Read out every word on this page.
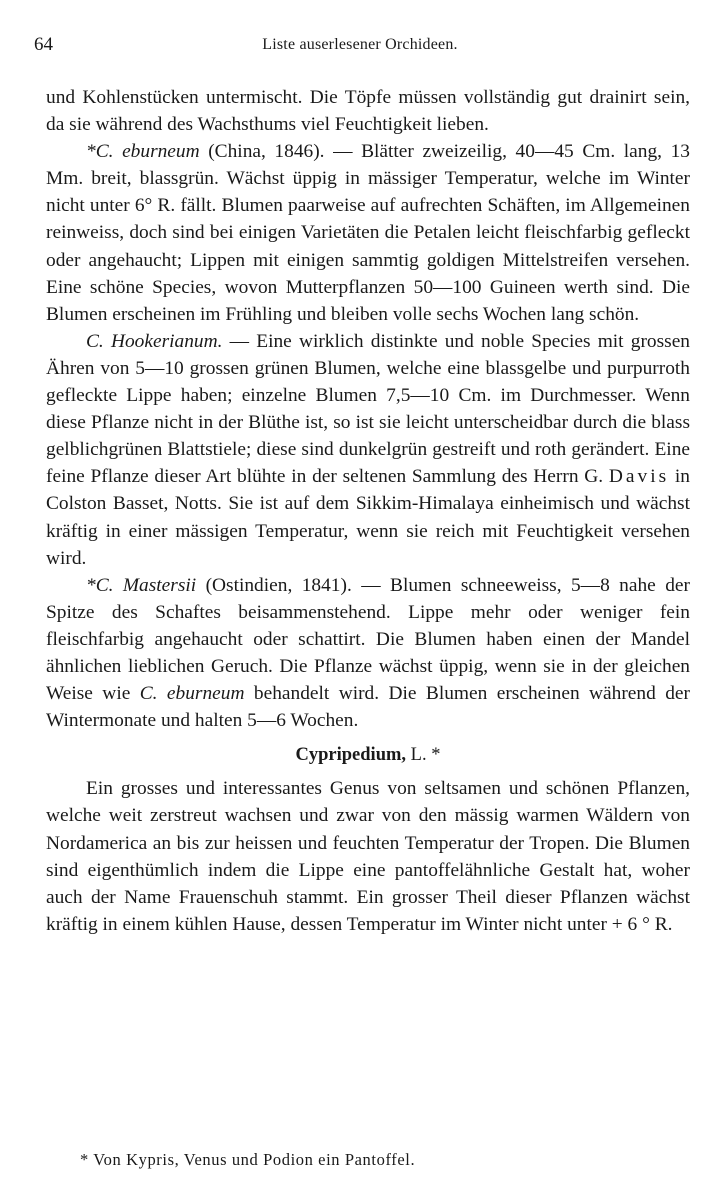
64	Liste auserlesener Orchideen.

und Kohlenstücken untermischt. Die Töpfe müssen vollständig gut drainirt sein, da sie während des Wachsthums viel Feuchtigkeit lieben.

*C. eburneum (China, 1846). — Blätter zweizeilig, 40—45 Cm. lang, 13 Mm. breit, blassgrün. Wächst üppig in mässiger Temperatur, welche im Winter nicht unter 6° R. fällt. Blumen paarweise auf aufrechten Schäften, im Allgemeinen reinweiss, doch sind bei einigen Varietäten die Petalen leicht fleischfarbig gefleckt oder angehaucht; Lippen mit einigen sammtig goldigen Mittelstreifen versehen. Eine schöne Species, wovon Mutterpflanzen 50—100 Guineen werth sind. Die Blumen erscheinen im Frühling und bleiben volle sechs Wochen lang schön.

C. Hookerianum. — Eine wirklich distinkte und noble Species mit grossen Ähren von 5—10 grossen grünen Blumen, welche eine blassgelbe und purpurroth gefleckte Lippe haben; einzelne Blumen 7,5—10 Cm. im Durchmesser. Wenn diese Pflanze nicht in der Blüthe ist, so ist sie leicht unterscheidbar durch die blass gelblichgrünen Blattstiele; diese sind dunkelgrün gestreift und roth gerändert. Eine feine Pflanze dieser Art blühte in der seltenen Sammlung des Herrn G. Davis in Colston Basset, Notts. Sie ist auf dem Sikkim-Himalaya einheimisch und wächst kräftig in einer mässigen Temperatur, wenn sie reich mit Feuchtigkeit versehen wird.

*C. Mastersii (Ostindien, 1841). — Blumen schneeweiss, 5—8 nahe der Spitze des Schaftes beisammenstehend. Lippe mehr oder weniger fein fleischfarbig angehaucht oder schattirt. Die Blumen haben einen der Mandel ähnlichen lieblichen Geruch. Die Pflanze wächst üppig, wenn sie in der gleichen Weise wie C. eburneum behandelt wird. Die Blumen erscheinen während der Wintermonate und halten 5—6 Wochen.

Cypripedium, L. *

Ein grosses und interessantes Genus von seltsamen und schönen Pflanzen, welche weit zerstreut wachsen und zwar von den mässig warmen Wäldern von Nordamerica an bis zur heissen und feuchten Temperatur der Tropen. Die Blumen sind eigenthümlich indem die Lippe eine pantoffelähnliche Gestalt hat, woher auch der Name Frauenschuh stammt. Ein grosser Theil dieser Pflanzen wächst kräftig in einem kühlen Hause, dessen Temperatur im Winter nicht unter + 6 ° R.

* Von Kypris, Venus und Podion ein Pantoffel.
